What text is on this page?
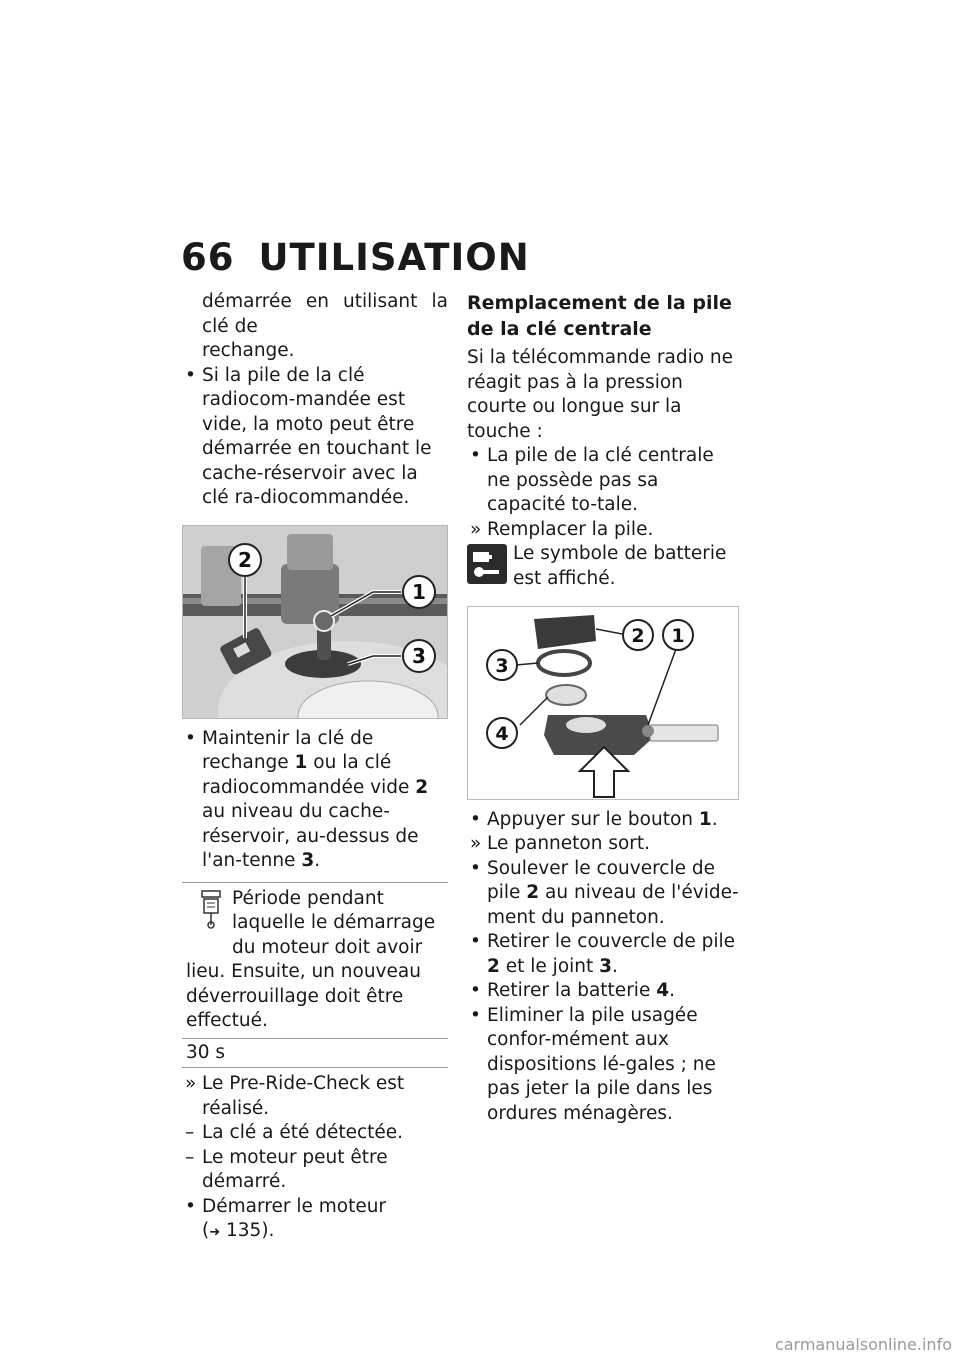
66 UTILISATION

démarrée en utilisant la clé de
rechange.

• Si la pile de la clé radiocom-mandée est vide, la moto peut être démarrée en touchant le cache-réservoir avec la clé ra-diocommandée.

2
1
3

• Maintenir la clé de rechange 1 ou la clé radiocommandée vide 2 au niveau du cache-réservoir, au-dessus de l'an-tenne 3.

Période pendant laquelle le démarrage du moteur doit avoir lieu. Ensuite, un nouveau déverrouillage doit être effectué.
30 s

» Le Pre-Ride-Check est réalisé.

– La clé a été détectée.

– Le moteur peut être démarré.

• Démarrer le moteur (➜ 135).

Remplacement de la pile de la clé centrale

Si la télécommande radio ne réagit pas à la pression courte ou longue sur la touche :

• La pile de la clé centrale ne possède pas sa capacité to-tale.

» Remplacer la pile.

Le symbole de batterie est affiché.
2 1
3
4

• Appuyer sur le bouton 1.

» Le panneton sort.

• Soulever le couvercle de pile 2 au niveau de l'évide-ment du panneton.

• Retirer le couvercle de pile 2 et le joint 3.

• Retirer la batterie 4.

• Eliminer la pile usagée confor-mément aux dispositions lé-gales ; ne pas jeter la pile dans les ordures ménagères.

carmanualsonline.info
